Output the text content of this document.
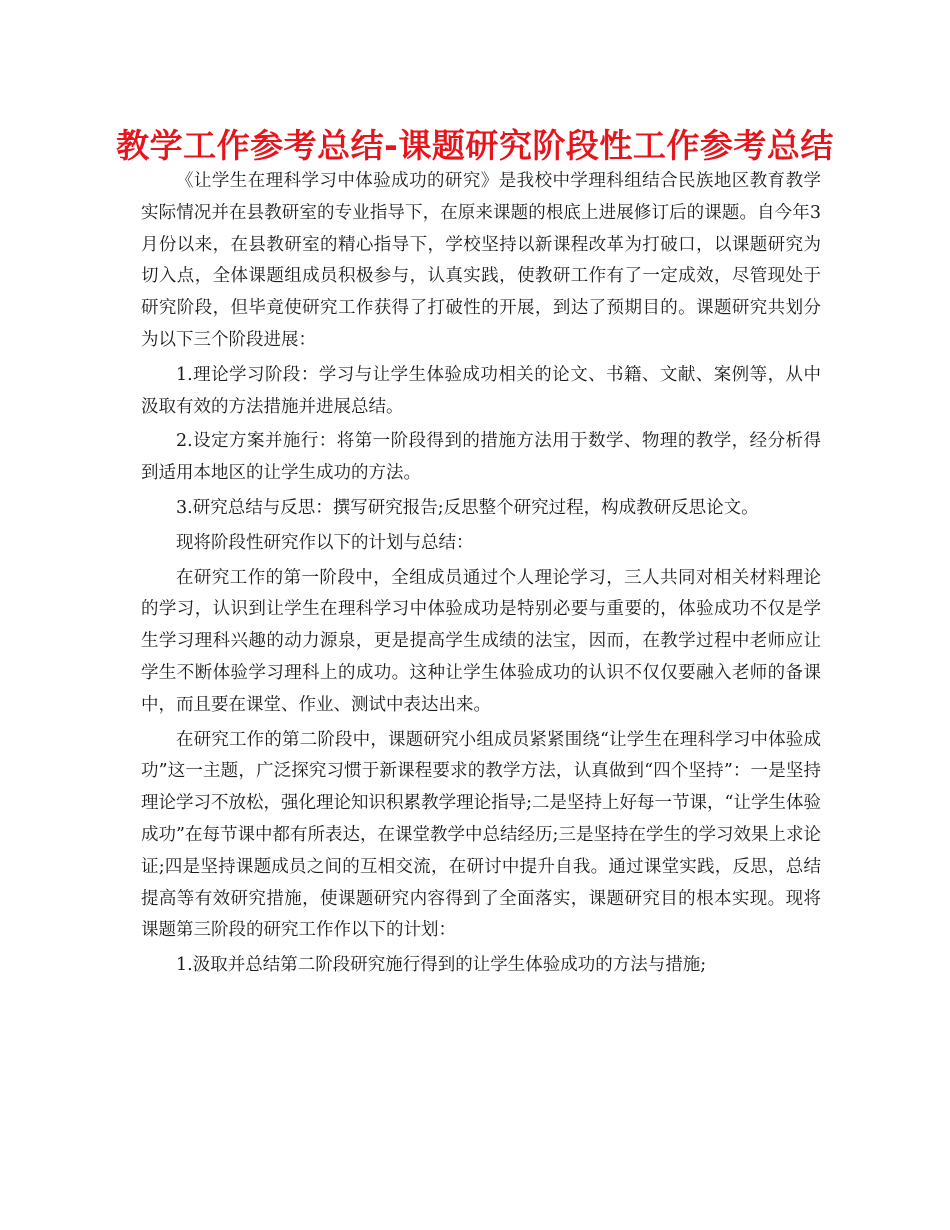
教学工作参考总结-课题研究阶段性工作参考总结

《让学生在理科学习中体验成功的研究》是我校中学理科组结合民族地区教育教学实际情况并在县教研室的专业指导下，在原来课题的根底上进展修订后的课题。自今年3月份以来，在县教研室的精心指导下，学校坚持以新课程改革为打破口，以课题研究为切入点，全体课题组成员积极参与，认真实践，使教研工作有了一定成效，尽管现处于研究阶段，但毕竟使研究工作获得了打破性的开展，到达了预期目的。课题研究共划分为以下三个阶段进展：

1.理论学习阶段：学习与让学生体验成功相关的论文、书籍、文献、案例等，从中汲取有效的方法措施并进展总结。

2.设定方案并施行：将第一阶段得到的措施方法用于数学、物理的教学，经分析得到适用本地区的让学生成功的方法。

3.研究总结与反思：撰写研究报告;反思整个研究过程，构成教研反思论文。

现将阶段性研究作以下的计划与总结：

在研究工作的第一阶段中，全组成员通过个人理论学习，三人共同对相关材料理论的学习，认识到让学生在理科学习中体验成功是特别必要与重要的，体验成功不仅是学生学习理科兴趣的动力源泉，更是提高学生成绩的法宝，因而，在教学过程中老师应让学生不断体验学习理科上的成功。这种让学生体验成功的认识不仅仅要融入老师的备课中，而且要在课堂、作业、测试中表达出来。

在研究工作的第二阶段中，课题研究小组成员紧紧围绕“让学生在理科学习中体验成功”这一主题，广泛探究习惯于新课程要求的教学方法，认真做到“四个坚持”：一是坚持理论学习不放松，强化理论知识积累教学理论指导;二是坚持上好每一节课，“让学生体验成功”在每节课中都有所表达，在课堂教学中总结经历;三是坚持在学生的学习效果上求论证;四是坚持课题成员之间的互相交流，在研讨中提升自我。通过课堂实践，反思，总结提高等有效研究措施，使课题研究内容得到了全面落实，课题研究目的根本实现。现将课题第三阶段的研究工作作以下的计划：

1.汲取并总结第二阶段研究施行得到的让学生体验成功的方法与措施;
